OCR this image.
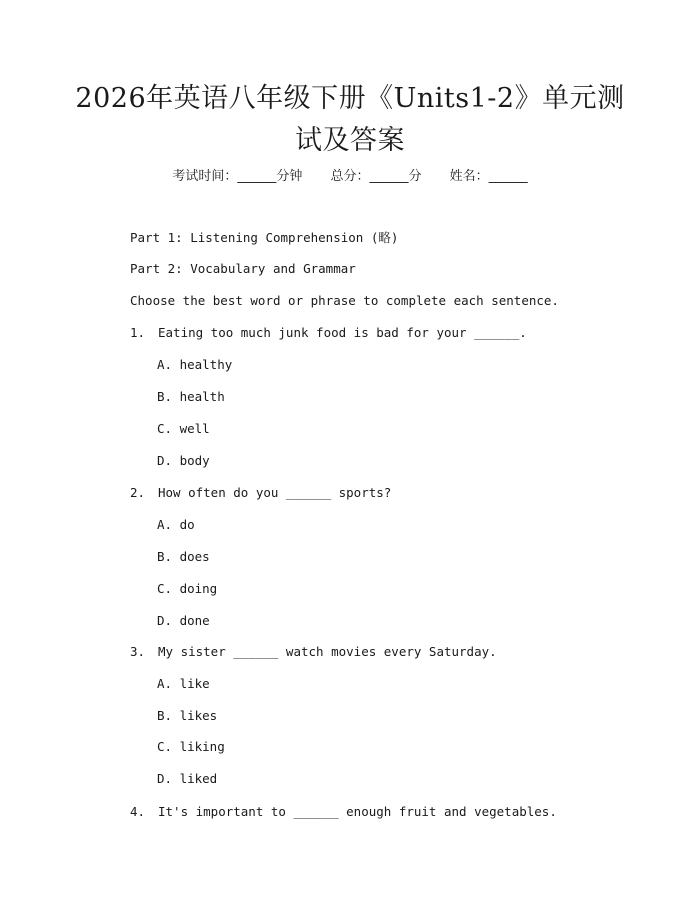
2026年英语八年级下册《Units1-2》单元测
试及答案
考试时间：______分钟 总分：______分 姓名：______
Part 1: Listening Comprehension (略)
Part 2: Vocabulary and Grammar
Choose the best word or phrase to complete each sentence.
1. Eating too much junk food is bad for your ______.
A. healthy
B. health
C. well
D. body
2. How often do you ______ sports?
A. do
B. does
C. doing
D. done
3. My sister ______ watch movies every Saturday.
A. like
B. likes
C. liking
D. liked
4. It's important to ______ enough fruit and vegetables.
